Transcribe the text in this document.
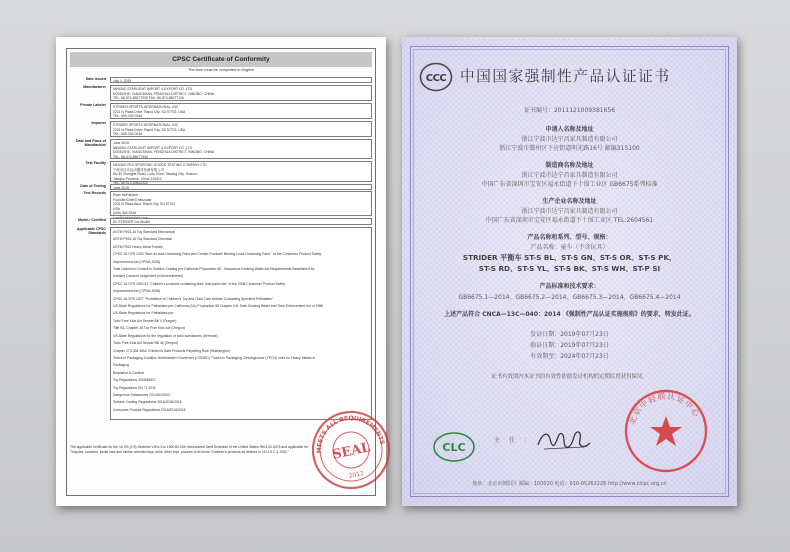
CPSC Certificate of Conformity
The form must be completed in English
Date Issued July 1, 2019
Manufacturer NINGBO STARLIGHT IMPORT & EXPORT CO.,LTD
DONGSHE, XIANGSHAN, FENGHUA DISTRICT, NINGBO, CHINA
TEL: 86-574-88077000 FAX: 86-574-88077126
Private Labeler STRIDER SPORTS INTERNATIONAL, INC
2231 N Plaza Drive, Rapid City, SD 57702, USA
TEL: 605-342-0246
Importer STRIDER SPORTS INTERNATIONAL, INC
2231 N Plaza Drive, Rapid City, SD 57702, USA
TEL: 605-342-0246
Date and Place of Manufacture
June 2019
NINGBO STARLIGHT IMPORT & EXPORT CO.,LTD
DONGSHE, XIANGSHAN, FENGHUA DISTRICT, NINGBO, CHINA
TEL: 86-574-88077000
Test Facility NINGBO FKD SPORTING GOODS TESTING COMPANY LTD
宁波市佳乐运动器材检测有限公司
No.30 Zhonghe Road, Ludu Town, Taicang City, Suzhou,
Jiangsu Province, China 215412
Date of Testing June 2019
Test Records Ryan McFarland
Founder/Chief Enthusiast
2231 N Plaza Blvd, Rapid City, SD 57702
USA
(605) 342-0246
Model / Certified ID: STRIDER 14x Model
Applicable CPSC Standards ASTM F963-16 Toy Standard Mechanical
ASTM F963-16 Toy Standard Chemical
ASTM F963 Heavy Metal Toxicity
CPSC 16 CFR 1303 "Ban of Lead-Containing Paint and Certain Products Bearing Lead-Containing Paint," of the Consumer Product Safety
Improvement Act (CPSIA 2008)
Total Cadmium Content in Surface Coating per California Proposition 65 - Hazardous Drinking Water Act Requirements Established by
Industry Consent Judgement (w/Amendments)
CPSC 16 CFR 1500.91 "Children's products containing lead: lead paint rule" of the 2008 Consumer Product Safety
Improvement Act (CPSIA 2008)
CPSC 16 CFR 1307 "Prohibition of Children's Toy and Child Care Articles Containing Specified Phthalates"
US-State Regulations for Phthalates per California (CA) Proposition 65 Chapter 6.8, Safe Drinking Water and Toxic Enforcement Act of 1986
US-State Regulations for Phthalates per:
Toxic Free Kids Act Senate Bill 4 (Oregon)
Title 9A, Chapter 26 Tox Free Kids Act (Oregon)
US-State Regulations for the regulation of toxic substances (Vermont)
Toxic Free Kids Act Senate Bill 46 (Oregon)
Chapter 173-334 WAC Children's Safe Products Reporting Rule (Washington)
Toxics in Packaging Coalition Northeastern Governors (CONEG) "Toxics in Packaging Clearinghouse (TPCH) rules for Heavy Metals in
Packaging
Bisphenol A Content
Toy Regulations 2009/48/EC
Toy Regulations EN 71 2011
Dangerous Substances 2014/20/2003
Surface Coating Regulations 2016/2016/2015
Consumer Product Regulations 2016/2016/2015
The applicable certificate for the 16 CR (4.9) Sections VIII.b-3 is 1500.83.004 Harmonized Tariff Schedule of the United States 9503.00.0073 and applicable for Tricycles, scooters, pedal cars and similar wheeled toys; dolls, other toys, puzzles of all kinds "Children's products as defined in 15 U.S.C § 2052."	MEETS ALL REQUIREMENTS
SEAL
2012
CCC 中国国家强制性产品认证证书
证书编号：2011121009381656
申请人名称及地址
浙江宁波市达宁昌家具制造有限公司
浙江宁波市鄞州区下应街道明光路16号 邮编315100
制造商名称及地址
浙江宁波市达宁昌家具制造有限公司
中国广东省深圳市宝安区福永街道下十围工业区 GB6675系列标准
生产企业名称及地址
浙江宁波市达宁昌家具制造有限公司
中国广东省深圳市宝安区福永街道下十围工业区 TEL:2604561
产品名称和系列、型号、规格：
产品名称：童车（不含玩具）
STRIDER 平衡车 ST-S BL、ST-S GN、ST-S OR、ST-S PK、
ST-S RD、ST-S YL、ST-S BK、ST-S WH、ST-P SI
产品标准和技术要求：
GB6675.1—2014、GB6675.2—2014、GB6675.3—2014、GB6675.4—2014
上述产品符合 CNCA—13C—040：2014 《强制性产品认证实施规则》的要求，特发此证。
发证日期：2019年07月23日
换证日期：2019年07月23日
有效期至：2024年07月23日
证书有效期内本证书的有效性依据发证机构的定期监督获得保持。
CLC
主任：
北京中轻联认证中心
地址：北京市朝阳区 邮编：100020 电话：010-65262226 http://www.clcpc.org.cn
